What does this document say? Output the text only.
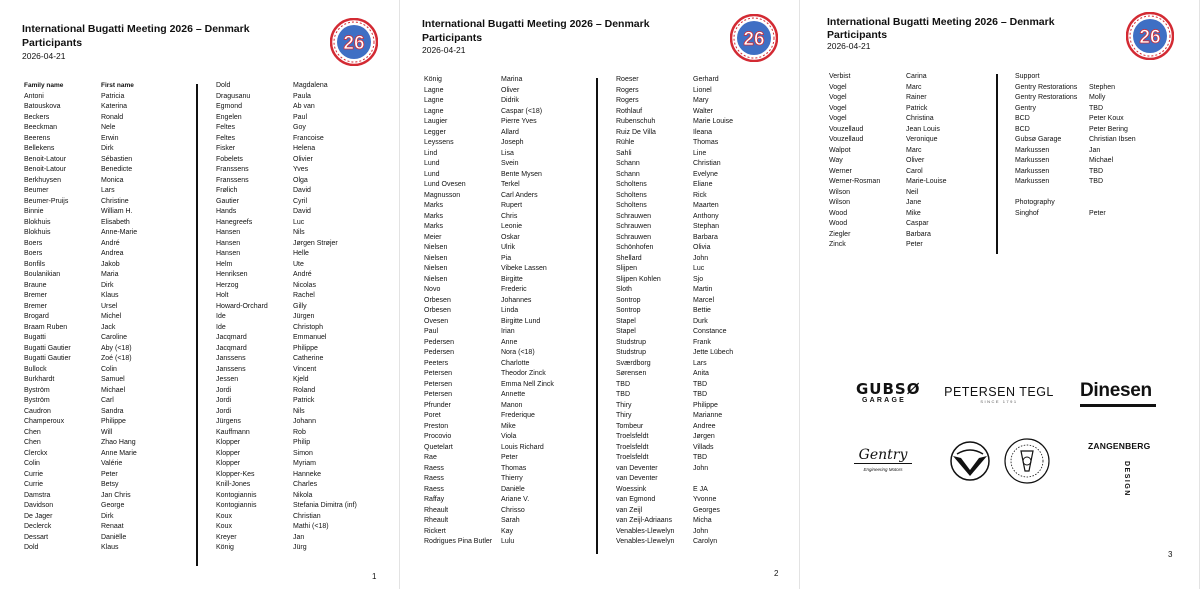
International Bugatti Meeting 2026 – Denmark
Participants
2026-04-21
26
Family name	First name
Antoni	Patricia
Batouskova	Katerina
Beckers	Ronald
Beeckman	Nele
Beerens	Erwin
Bellekens	Dirk
Benoit-Latour	Sébastien
Benoit-Latour	Benedicte
Berkhuysen	Monica
Beumer	Lars
Beumer-Pruijs	Christine
Binnie	William H.
Blokhuis	Elisabeth
Blokhuis	Anne-Marie
Boers	André
Boers	Andrea
Bonfils	Jakob
Boulanikian	Maria
Braune	Dirk
Bremer	Klaus
Bremer	Ursel
Brogard	Michel
Braam Ruben	Jack
Bugatti	Caroline
Bugatti Gautier	Aby (<18)
Bugatti Gautier	Zoé (<18)
Bullock	Colin
Burkhardt	Samuel
Byström	Michael
Byström	Carl
Caudron	Sandra
Champeroux	Philippe
Chen	Will
Chen	Zhao Hang
Clerckx	Anne Marie
Colin	Valérie
Currie	Peter
Currie	Betsy
Damstra	Jan Chris
Davidson	George
De Jager	Dirk
Declerck	Renaat
Dessart	Daniëlle
Dold	Klaus
Dold	Magdalena
Dragusanu	Paula
Egmond	Ab van
Engelen	Paul
Feltes	Goy
Feltes	Francoise
Fisker	Helena
Fobelets	Olivier
Franssens	Yves
Franssens	Olga
Frølich	David
Gautier	Cyril
Hands	David
Hanegreefs	Luc
Hansen	Nils
Hansen	Jørgen Strøjer
Hansen	Helle
Helm	Ute
Henriksen	André
Herzog	Nicolas
Holt	Rachel
Howard-Orchard	Gilly
Ide	Jürgen
Ide	Christoph
Jacqmard	Emmanuel
Jacqmard	Philippe
Janssens	Catherine
Janssens	Vincent
Jessen	Kjeld
Jordi	Roland
Jordi	Patrick
Jordi	Nils
Jürgens	Johann
Kauffmann	Rob
Klopper	Philip
Klopper	Simon
Klopper	Myriam
Klopper-Kes	Hanneke
Knill-Jones	Charles
Kontogiannis	Nikola
Kontogiannis	Stefania Dimitra (inf)
Koux	Christian
Koux	Mathi (<18)
Kreyer	Jan
König	Jürg
1
International Bugatti Meeting 2026 – Denmark
Participants
2026-04-21	26
König	Marina
Lagne	Oliver
Lagne	Didrik
Lagne	Caspar (<18)
Laugier	Pierre Yves
Legger	Allard
Leyssens	Joseph
Lind	Lisa
Lund	Svein
Lund	Bente Mysen
Lund Ovesen	Terkel
Magnusson	Carl Anders
Marks	Rupert
Marks	Chris
Marks	Leonie
Meier	Oskar
Nielsen	Ulrik
Nielsen	Pia
Nielsen	Vibeke Lassen
Nielsen	Birgitte
Novo	Frederic
Orbesen	Johannes
Orbesen	Linda
Ovesen	Birgitte Lund
Paul	Irian
Pedersen	Anne
Pedersen	Nora (<18)
Peeters	Charlotte
Petersen	Theodor Zinck
Petersen	Emma Nell Zinck
Petersen	Annette
Pfrunder	Manon
Poret	Frederique
Preston	Mike
Procovio	Viola
Quetelart	Louis Richard
Rae	Peter
Raess	Thomas
Raess	Thierry
Raess	Daniële
Raffay	Ariane V.
Rheault	Chrisso
Rheault	Sarah
Rickert	Kay
Rodrigues Pina Butler Lulu
Roeser	Gerhard
Rogers	Lionel
Rogers	Mary
Rothlauf	Walter
Rubenschuh	Marie Louise
Ruiz De Villa	Ileana
Rühle	Thomas
Sahli	Line
Schann	Christian
Schann	Evelyne
Scholtens	Eliane
Scholtens	Rick
Scholtens	Maarten
Schrauwen	Anthony
Schrauwen	Stephan
Schrauwen	Barbara
Schönhofen	Olivia
Shellard	John
Slijpen	Luc
Slijpen Kohlen	Sjo
Sloth	Martin
Sontrop	Marcel
Sontrop	Bettie
Stapel	Durk
Stapel	Constance
Studstrup	Frank
Studstrup	Jette Lübech
Sværdborg	Lars
Sørensen	Anita
TBD	TBD
TBD	TBD
Thiry	Philippe
Thiry	Marianne
Tombeur	Andree
Troelsfeldt	Jørgen
Troelsfeldt	Villads
Troelsfeldt	TBD
van Deventer	John
van Deventer
Woessink	E JA
van Egmond	Yvonne
van Zeijl	Georges
van Zeijl-Adriaans	Micha
Venables-Llewelyn	John
Venables-Llewelyn	Carolyn
2
International Bugatti Meeting 2026 – Denmark
Participants
2026-04-21	26
Verbist	Carina
Vogel	Marc
Vogel	Rainer
Vogel	Patrick
Vogel	Christina
Vouzellaud	Jean Louis
Vouzellaud	Veronique
Walpot	Marc
Way	Oliver
Werner	Carol
Werner-Rosman	Marie-Louise
Wilson	Neil
Wilson	Jane
Wood	Mike
Wood	Caspar
Ziegler	Barbara
Zinck	Peter
Support
Gentry Restorations Stephen
Gentry Restorations Molly
Gentry	TBD
BCD	Peter Koux
BCD	Peter Bering
Gubsø Garage	Christian Ibsen
Markussen	Jan
Markussen	Michael
Markussen	TBD
Markussen	TBD
Photography
Singhof	Peter
GUBSØ
GARAGE
PETERSEN TEGL
SINCE 1791
Dinesen
Gentry
Engineering Motors
ZANGENBERG
DESIGN
3
